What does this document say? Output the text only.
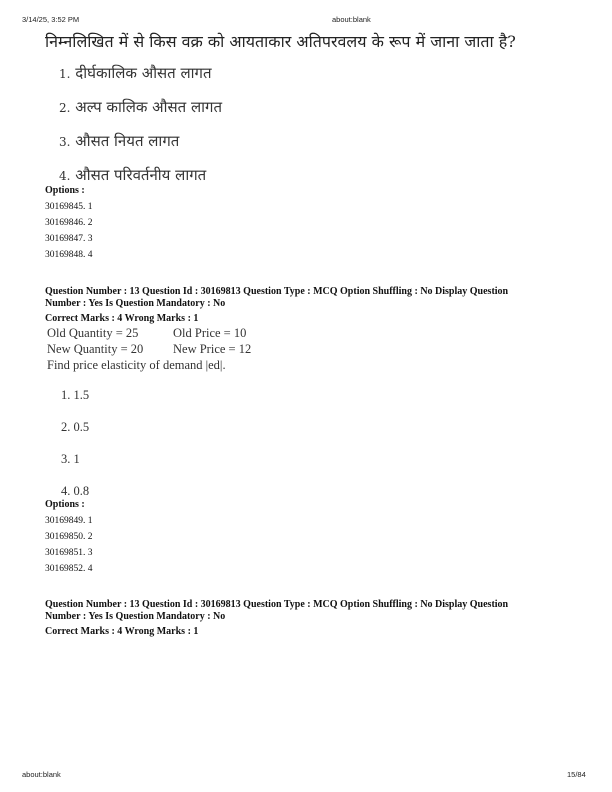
3/14/25, 3:52 PM	about:blank
निम्नलिखित में से किस वक्र को आयताकार अतिपरवलय के रूप में जाना जाता है?
1. दीर्घकालिक औसत लागत
2. अल्प कालिक औसत लागत
3. औसत नियत लागत
4. औसत परिवर्तनीय लागत
Options :
30169845. 1
30169846. 2
30169847. 3
30169848. 4
Question Number : 13 Question Id : 30169813 Question Type : MCQ Option Shuffling : No Display Question
Number : Yes Is Question Mandatory : No
Correct Marks : 4 Wrong Marks : 1
Old Quantity = 25	Old Price = 10
New Quantity = 20 New Price = 12
Find price elasticity of demand |ed|.
1. 1.5
2. 0.5
3. 1
4. 0.8
Options :
30169849. 1
30169850. 2
30169851. 3
30169852. 4
Question Number : 13 Question Id : 30169813 Question Type : MCQ Option Shuffling : No Display Question
Number : Yes Is Question Mandatory : No
Correct Marks : 4 Wrong Marks : 1
about:blank	15/84
